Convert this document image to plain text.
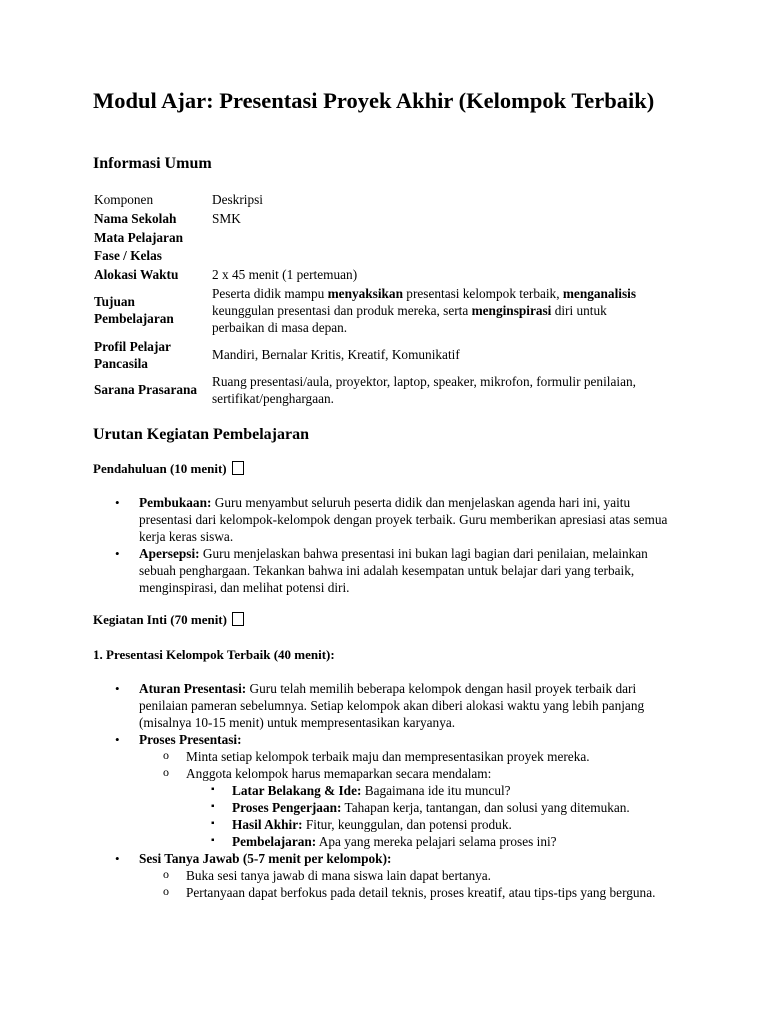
Modul Ajar: Presentasi Proyek Akhir (Kelompok Terbaik)
Informasi Umum
Komponen	Deskripsi
Nama Sekolah	SMK
Mata Pelajaran	
Fase / Kelas	
Alokasi Waktu	2 x 45 menit (1 pertemuan)
Tujuan Pembelajaran	Peserta didik mampu menyaksikan presentasi kelompok terbaik, menganalisis keunggulan presentasi dan produk mereka, serta menginspirasi diri untuk perbaikan di masa depan.
Profil Pelajar Pancasila	Mandiri, Bernalar Kritis, Kreatif, Komunikatif
Sarana Prasarana	Ruang presentasi/aula, proyektor, laptop, speaker, mikrofon, formulir penilaian, sertifikat/penghargaan.
Urutan Kegiatan Pembelajaran

Pendahuluan (10 menit)

• Pembukaan: Guru menyambut seluruh peserta didik dan menjelaskan agenda hari ini, yaitu presentasi dari kelompok-kelompok dengan proyek terbaik. Guru memberikan apresiasi atas semua kerja keras siswa.
• Apersepsi: Guru menjelaskan bahwa presentasi ini bukan lagi bagian dari penilaian, melainkan sebuah penghargaan. Tekankan bahwa ini adalah kesempatan untuk belajar dari yang terbaik, menginspirasi, dan melihat potensi diri.

Kegiatan Inti (70 menit)

1. Presentasi Kelompok Terbaik (40 menit):

• Aturan Presentasi: Guru telah memilih beberapa kelompok dengan hasil proyek terbaik dari penilaian pameran sebelumnya. Setiap kelompok akan diberi alokasi waktu yang lebih panjang (misalnya 10-15 menit) untuk mempresentasikan karyanya.
• Proses Presentasi:
o Minta setiap kelompok terbaik maju dan mempresentasikan proyek mereka.
o Anggota kelompok harus memaparkan secara mendalam:
▪ Latar Belakang & Ide: Bagaimana ide itu muncul?
▪ Proses Pengerjaan: Tahapan kerja, tantangan, dan solusi yang ditemukan.
▪ Hasil Akhir: Fitur, keunggulan, dan potensi produk.
▪ Pembelajaran: Apa yang mereka pelajari selama proses ini?
• Sesi Tanya Jawab (5-7 menit per kelompok):
o Buka sesi tanya jawab di mana siswa lain dapat bertanya.
o Pertanyaan dapat berfokus pada detail teknis, proses kreatif, atau tips-tips yang berguna.
